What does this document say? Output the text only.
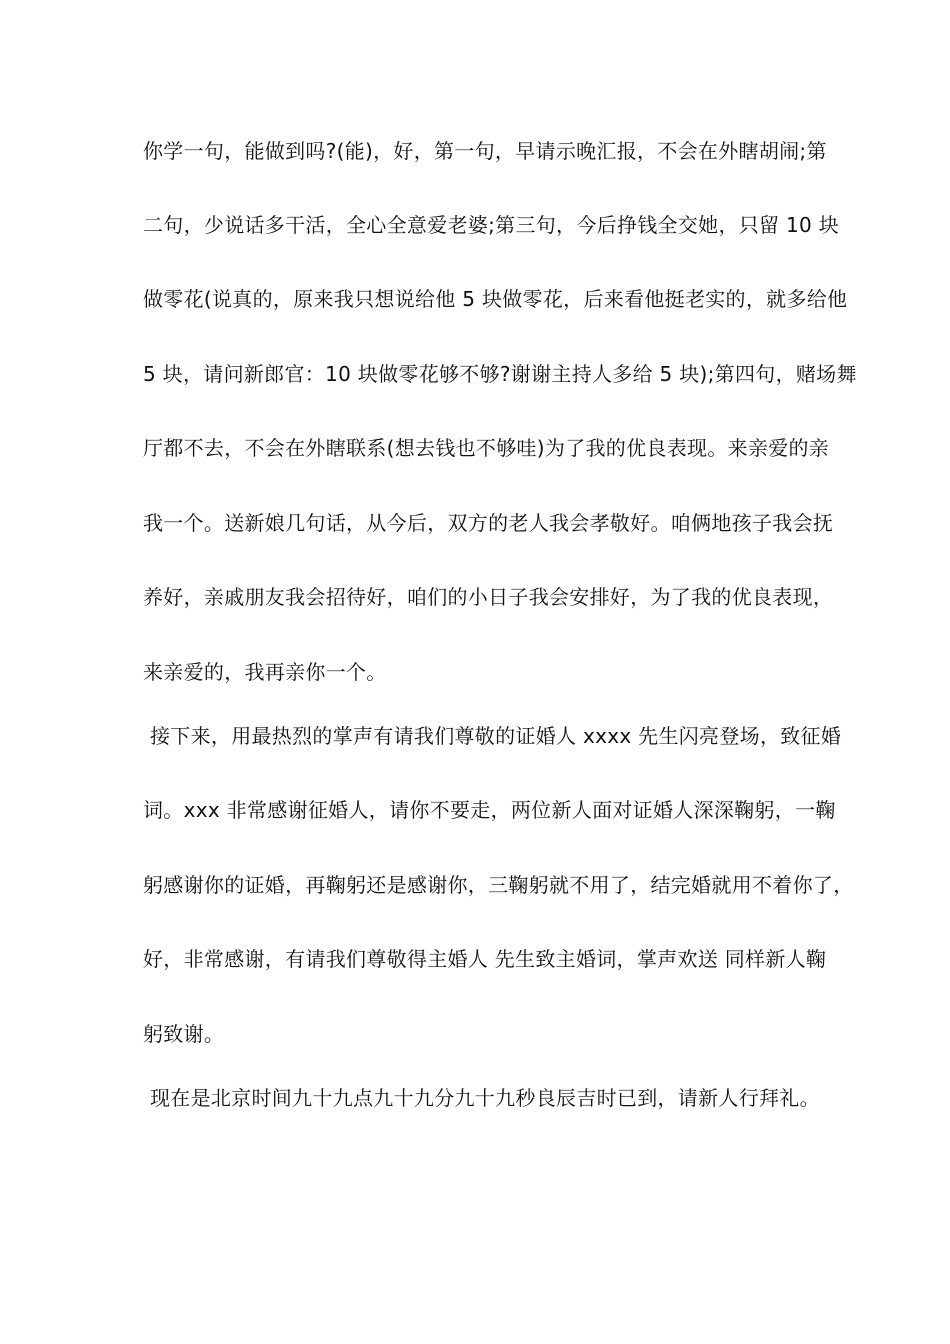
你学一句，能做到吗?(能)，好，第一句，早请示晚汇报，不会在外瞎胡闹;第
二句，少说话多干活，全心全意爱老婆;第三句，今后挣钱全交她，只留 10 块
做零花(说真的，原来我只想说给他 5 块做零花，后来看他挺老实的，就多给他
5 块，请问新郎官：10 块做零花够不够?谢谢主持人多给 5 块);第四句，赌场舞
厅都不去，不会在外瞎联系(想去钱也不够哇)为了我的优良表现。来亲爱的亲
我一个。送新娘几句话，从今后，双方的老人我会孝敬好。咱俩地孩子我会抚
养好，亲戚朋友我会招待好，咱们的小日子我会安排好，为了我的优良表现，
来亲爱的，我再亲你一个。
接下来，用最热烈的掌声有请我们尊敬的证婚人 xxxx 先生闪亮登场，致征婚
词。xxx 非常感谢征婚人，请你不要走，两位新人面对证婚人深深鞠躬，一鞠
躬感谢你的证婚，再鞠躬还是感谢你，三鞠躬就不用了，结完婚就用不着你了，
好，非常感谢，有请我们尊敬得主婚人 先生致主婚词，掌声欢送 同样新人鞠
躬致谢。
现在是北京时间九十九点九十九分九十九秒良辰吉时已到，请新人行拜礼。
